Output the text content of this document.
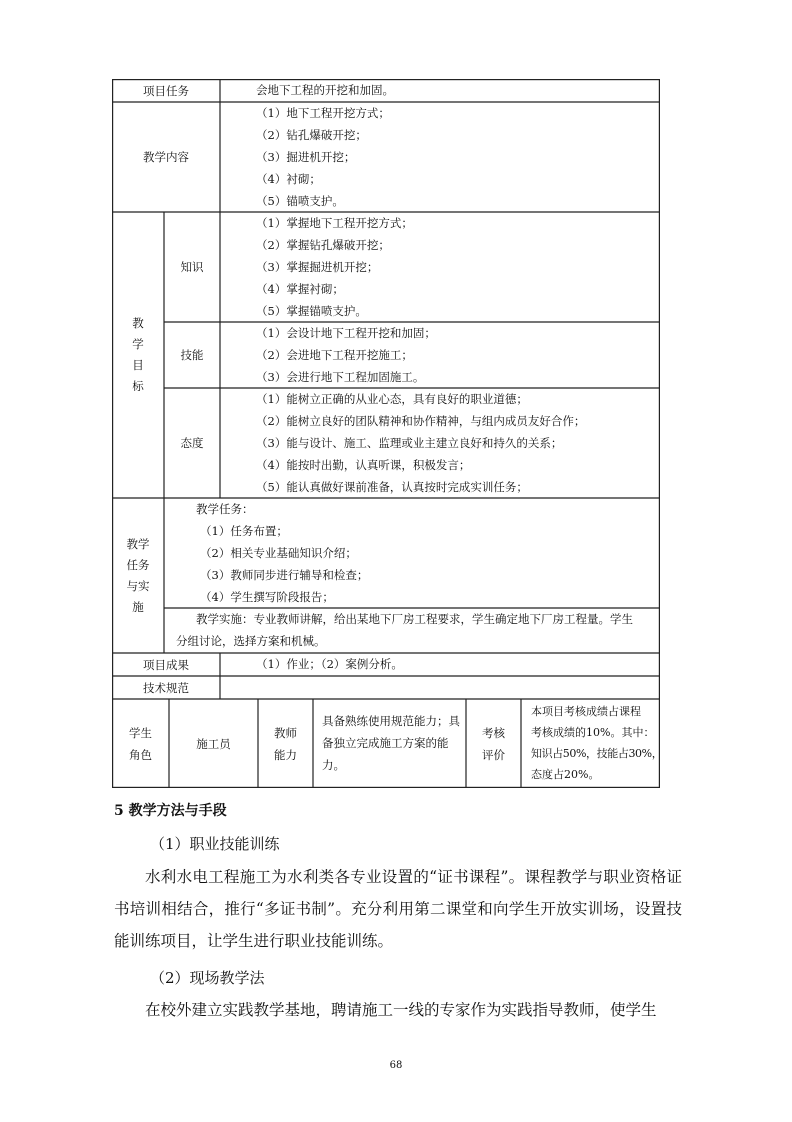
项目任务	会地下工程的开挖和加固。
教学内容
（1）地下工程开挖方式；
（2）钻孔爆破开挖；
（3）掘进机开挖；
（4）衬砌；
（5）锚喷支护。
教
学
目
标
知识
（1）掌握地下工程开挖方式；
（2）掌握钻孔爆破开挖；
（3）掌握掘进机开挖；
（4）掌握衬砌；
（5）掌握锚喷支护。
技能
（1）会设计地下工程开挖和加固；
（2）会进地下工程开挖施工；
（3）会进行地下工程加固施工。
态度
（1）能树立正确的从业心态，具有良好的职业道德；
（2）能树立良好的团队精神和协作精神，与组内成员友好合作；
（3）能与设计、施工、监理或业主建立良好和持久的关系；
（4）能按时出勤，认真听课，积极发言；
（5）能认真做好课前准备，认真按时完成实训任务；
教学
任务
与实
施
教学任务：
（1）任务布置；
（2）相关专业基础知识介绍；
（3）教师同步进行辅导和检查；
（4）学生撰写阶段报告；
教学实施：专业教师讲解，给出某地下厂房工程要求，学生确定地下厂房工程量。学生
分组讨论，选择方案和机械。
项目成果	（1）作业；（2）案例分析。
技术规范
学生
角色
施工员
教师
能力
具备熟练使用规范能力；具
备独立完成施工方案的能
力。
考核
评价
本项目考核成绩占课程
考核成绩的10%。其中：
知识占50%，技能占30%，
态度占20%。
5 教学方法与手段
（1）职业技能训练
水利水电工程施工为水利类各专业设置的“证书课程”。课程教学与职业资格证书培训相结合，推行“多证书制”。充分利用第二课堂和向学生开放实训场，设置技能训练项目，让学生进行职业技能训练。
（2）现场教学法
在校外建立实践教学基地，聘请施工一线的专家作为实践指导教师，使学生
68
